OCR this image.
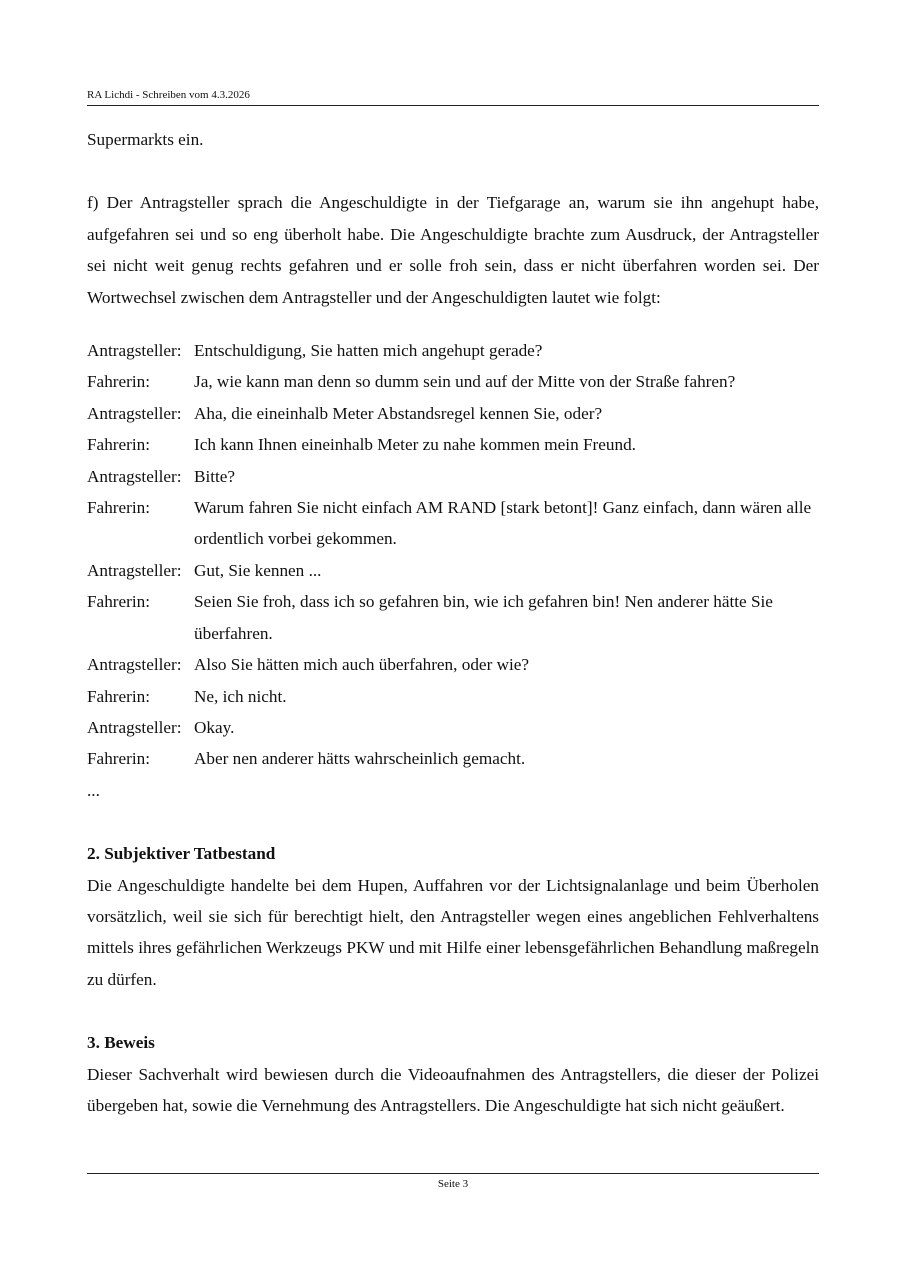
RA Lichdi - Schreiben vom 4.3.2026

Supermarkts ein.

f) Der Antragsteller sprach die Angeschuldigte in der Tiefgarage an, warum sie ihn angehupt habe, aufgefahren sei und so eng überholt habe. Die Angeschuldigte brachte zum Ausdruck, der Antragsteller sei nicht weit genug rechts gefahren und er solle froh sein, dass er nicht überfahren worden sei. Der Wortwechsel zwischen dem Antragsteller und der Angeschuldigten lautet wie folgt:

Antragsteller: Entschuldigung, Sie hatten mich angehupt gerade?
Fahrerin:	Ja, wie kann man denn so dumm sein und auf der Mitte von der Straße fahren?
Antragsteller: Aha, die eineinhalb Meter Abstandsregel kennen Sie, oder?
Fahrerin:	Ich kann Ihnen eineinhalb Meter zu nahe kommen mein Freund.
Antragsteller: Bitte?
Fahrerin:	Warum fahren Sie nicht einfach AM RAND [stark betont]! Ganz einfach, dann wären alle ordentlich vorbei gekommen.
Antragsteller: Gut, Sie kennen ...
Fahrerin:	Seien Sie froh, dass ich so gefahren bin, wie ich gefahren bin! Nen anderer hätte Sie überfahren.
Antragsteller: Also Sie hätten mich auch überfahren, oder wie?
Fahrerin:	Ne, ich nicht.
Antragsteller: Okay.
Fahrerin:	Aber nen anderer hätts wahrscheinlich gemacht.

...

2. Subjektiver Tatbestand

Die Angeschuldigte handelte bei dem Hupen, Auffahren vor der Lichtsignalanlage und beim Überholen vorsätzlich, weil sie sich für berechtigt hielt, den Antragsteller wegen eines angeblichen Fehlverhaltens mittels ihres gefährlichen Werkzeugs PKW und mit Hilfe einer lebensgefährlichen Behandlung maßregeln zu dürfen.

3. Beweis

Dieser Sachverhalt wird bewiesen durch die Videoaufnahmen des Antragstellers, die dieser der Polizei übergeben hat, sowie die Vernehmung des Antragstellers. Die Angeschuldigte hat sich nicht geäußert.

Seite 3
